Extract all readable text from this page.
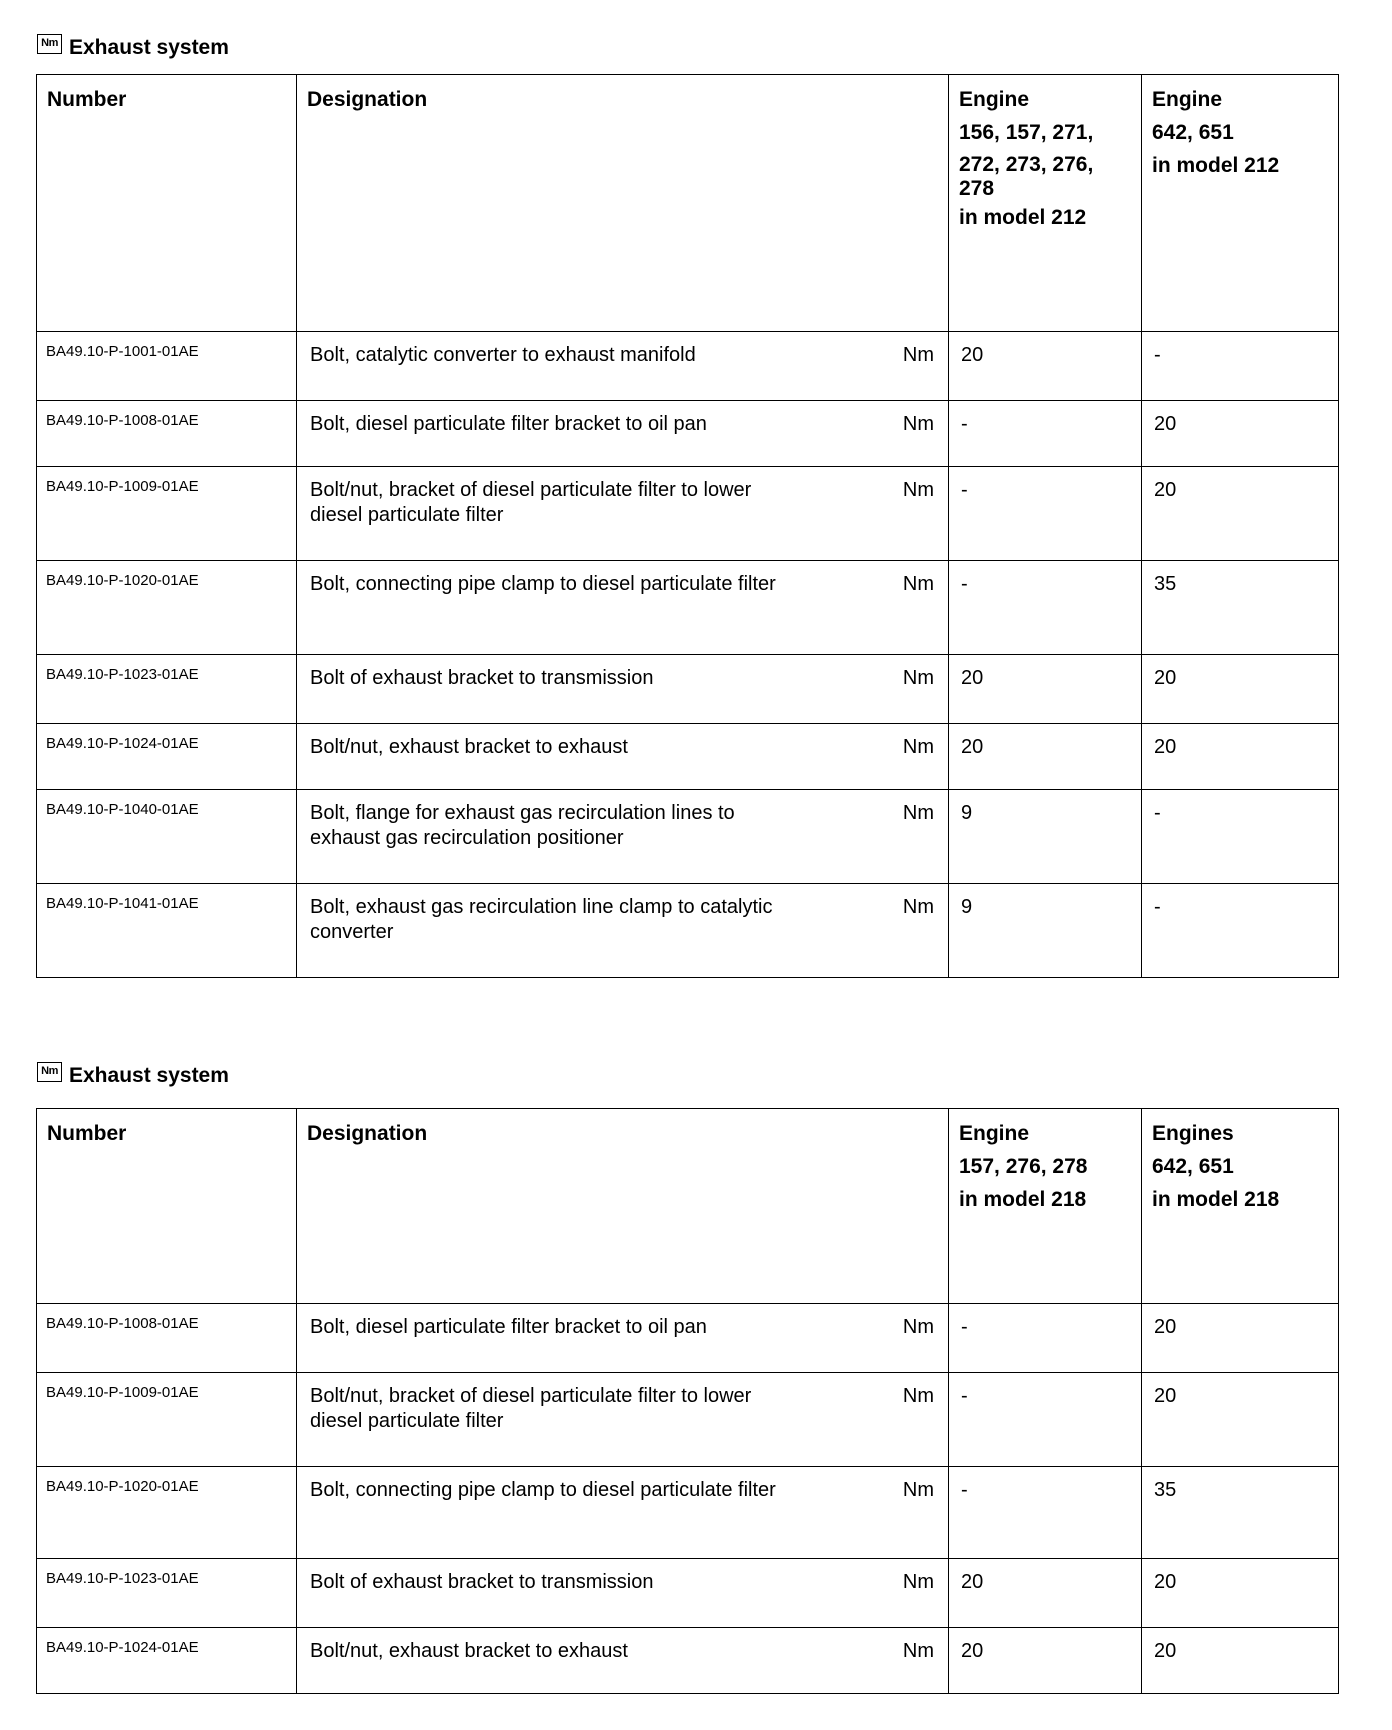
Nm Exhaust system
Number	Designation	Engine
156, 157, 271,
272, 273, 276,
278
in model 212	Engine
642, 651
in model 212

BA49.10-P-1001-01AE	Bolt, catalytic converter to exhaust manifold Nm	20	-

BA49.10-P-1008-01AE	Bolt, diesel particulate filter bracket to oil pan Nm	-	20

BA49.10-P-1009-01AE	Bolt/nut, bracket of diesel particulate filter to lower diesel particulate filter
Nm	-	20

BA49.10-P-1020-01AE	Bolt, connecting pipe clamp to diesel particulate filter Nm	-	35

BA49.10-P-1023-01AE	Bolt of exhaust bracket to transmission Nm	20	20

BA49.10-P-1024-01AE	Bolt/nut, exhaust bracket to exhaust Nm	20	20

BA49.10-P-1040-01AE	Bolt, flange for exhaust gas recirculation lines to exhaust gas recirculation positioner
Nm	9	-

BA49.10-P-1041-01AE	Bolt, exhaust gas recirculation line clamp to catalytic converter
Nm	9	-
Nm Exhaust system
Number	Designation	Engine
157, 276, 278
in model 218	Engines
642, 651
in model 218

BA49.10-P-1008-01AE	Bolt, diesel particulate filter bracket to oil pan Nm	-	20

BA49.10-P-1009-01AE	Bolt/nut, bracket of diesel particulate filter to lower diesel particulate filter
Nm	-	20

BA49.10-P-1020-01AE	Bolt, connecting pipe clamp to diesel particulate filter Nm	-	35

BA49.10-P-1023-01AE	Bolt of exhaust bracket to transmission Nm	20	20

BA49.10-P-1024-01AE	Bolt/nut, exhaust bracket to exhaust Nm	20	20
